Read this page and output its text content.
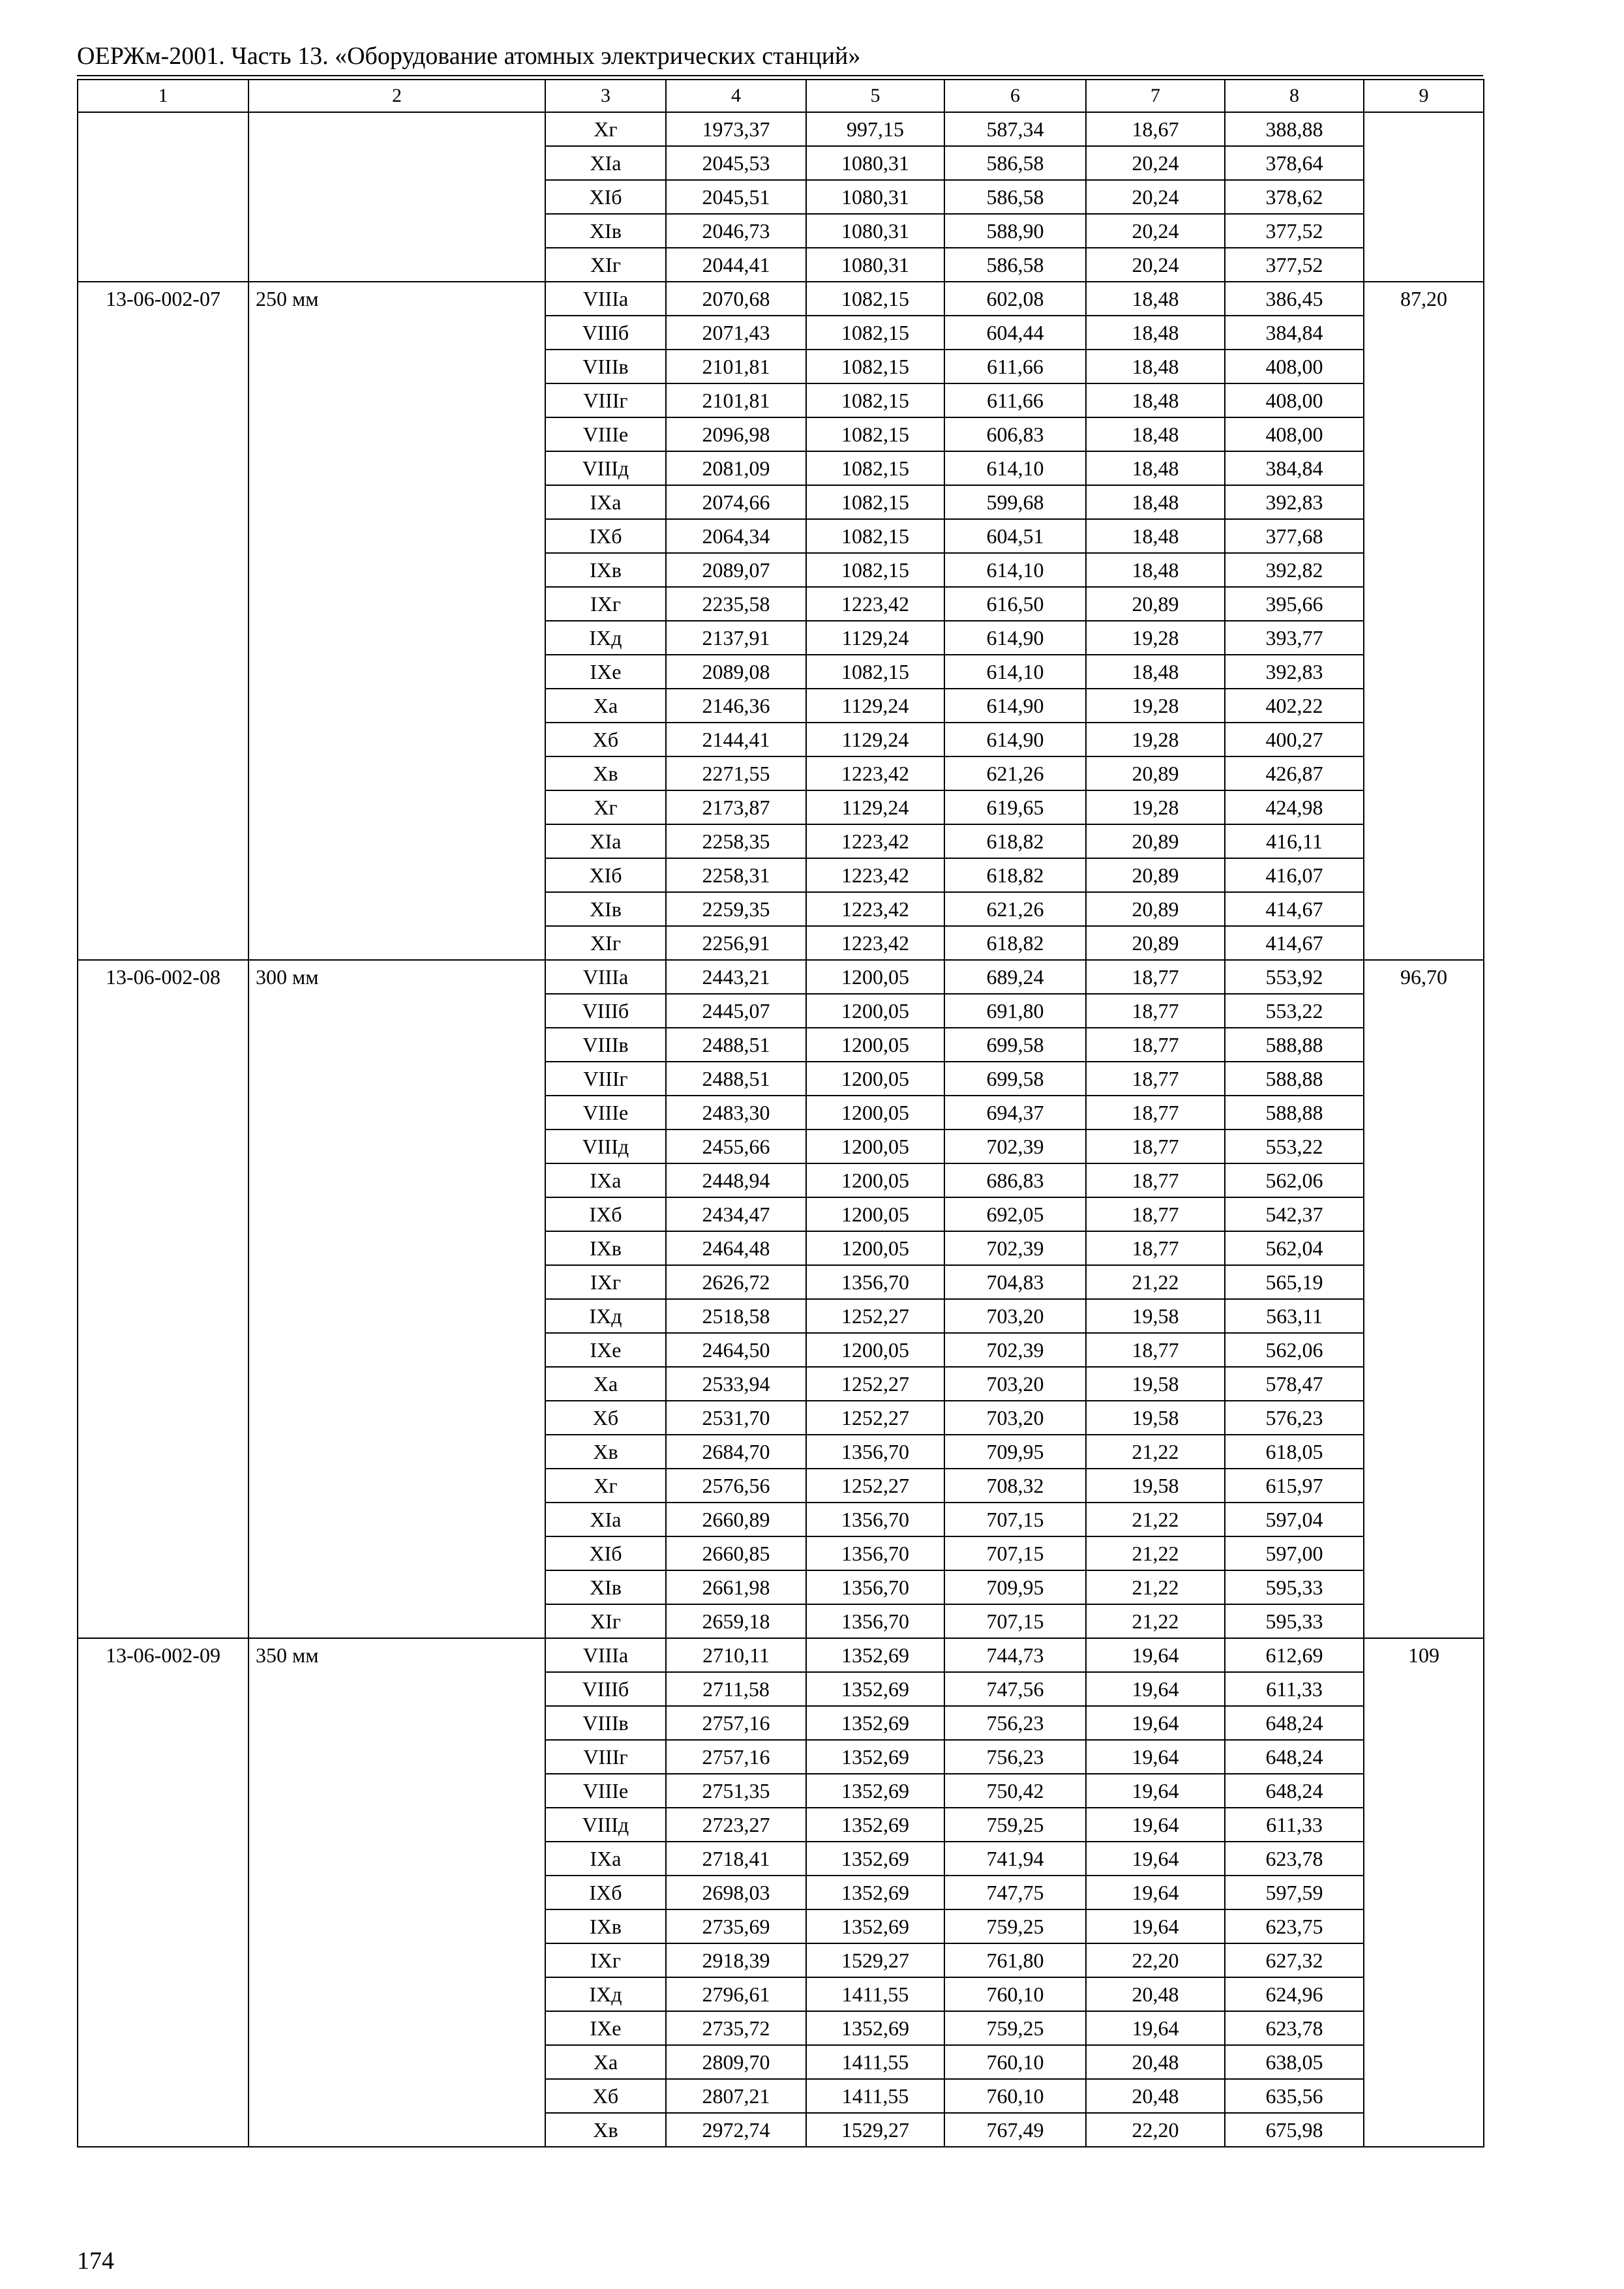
ОЕРЖм-2001. Часть 13. «Оборудование атомных электрических станций»
1	2	3	4	5	6	7	8	9
		Xг	1973,37	997,15	587,34	18,67	388,88	
		XIа	2045,53	1080,31	586,58	20,24	378,64	
		XIб	2045,51	1080,31	586,58	20,24	378,62	
		XIв	2046,73	1080,31	588,90	20,24	377,52	
		XIг	2044,41	1080,31	586,58	20,24	377,52	
13-06-002-07	250 мм	VIIIа	2070,68	1082,15	602,08	18,48	386,45	87,20
		VIIIб	2071,43	1082,15	604,44	18,48	384,84	
		VIIIв	2101,81	1082,15	611,66	18,48	408,00	
		VIIIг	2101,81	1082,15	611,66	18,48	408,00	
		VIIIе	2096,98	1082,15	606,83	18,48	408,00	
		VIIIд	2081,09	1082,15	614,10	18,48	384,84	
		IXа	2074,66	1082,15	599,68	18,48	392,83	
		IXб	2064,34	1082,15	604,51	18,48	377,68	
		IXв	2089,07	1082,15	614,10	18,48	392,82	
		IXг	2235,58	1223,42	616,50	20,89	395,66	
		IXд	2137,91	1129,24	614,90	19,28	393,77	
		IXе	2089,08	1082,15	614,10	18,48	392,83	
		Xа	2146,36	1129,24	614,90	19,28	402,22	
		Xб	2144,41	1129,24	614,90	19,28	400,27	
		Xв	2271,55	1223,42	621,26	20,89	426,87	
		Xг	2173,87	1129,24	619,65	19,28	424,98	
		XIа	2258,35	1223,42	618,82	20,89	416,11	
		XIб	2258,31	1223,42	618,82	20,89	416,07	
		XIв	2259,35	1223,42	621,26	20,89	414,67	
		XIг	2256,91	1223,42	618,82	20,89	414,67	
13-06-002-08	300 мм	VIIIа	2443,21	1200,05	689,24	18,77	553,92	96,70
		VIIIб	2445,07	1200,05	691,80	18,77	553,22	
		VIIIв	2488,51	1200,05	699,58	18,77	588,88	
		VIIIг	2488,51	1200,05	699,58	18,77	588,88	
		VIIIе	2483,30	1200,05	694,37	18,77	588,88	
		VIIIд	2455,66	1200,05	702,39	18,77	553,22	
		IXа	2448,94	1200,05	686,83	18,77	562,06	
		IXб	2434,47	1200,05	692,05	18,77	542,37	
		IXв	2464,48	1200,05	702,39	18,77	562,04	
		IXг	2626,72	1356,70	704,83	21,22	565,19	
		IXд	2518,58	1252,27	703,20	19,58	563,11	
		IXе	2464,50	1200,05	702,39	18,77	562,06	
		Xа	2533,94	1252,27	703,20	19,58	578,47	
		Xб	2531,70	1252,27	703,20	19,58	576,23	
		Xв	2684,70	1356,70	709,95	21,22	618,05	
		Xг	2576,56	1252,27	708,32	19,58	615,97	
		XIа	2660,89	1356,70	707,15	21,22	597,04	
		XIб	2660,85	1356,70	707,15	21,22	597,00	
		XIв	2661,98	1356,70	709,95	21,22	595,33	
		XIг	2659,18	1356,70	707,15	21,22	595,33	
13-06-002-09	350 мм	VIIIа	2710,11	1352,69	744,73	19,64	612,69	109
		VIIIб	2711,58	1352,69	747,56	19,64	611,33	
		VIIIв	2757,16	1352,69	756,23	19,64	648,24	
		VIIIг	2757,16	1352,69	756,23	19,64	648,24	
		VIIIе	2751,35	1352,69	750,42	19,64	648,24	
		VIIIд	2723,27	1352,69	759,25	19,64	611,33	
		IXа	2718,41	1352,69	741,94	19,64	623,78	
		IXб	2698,03	1352,69	747,75	19,64	597,59	
		IXв	2735,69	1352,69	759,25	19,64	623,75	
		IXг	2918,39	1529,27	761,80	22,20	627,32	
		IXд	2796,61	1411,55	760,10	20,48	624,96	
		IXе	2735,72	1352,69	759,25	19,64	623,78	
		Xа	2809,70	1411,55	760,10	20,48	638,05	
		Xб	2807,21	1411,55	760,10	20,48	635,56	
		Xв	2972,74	1529,27	767,49	22,20	675,98	
174
